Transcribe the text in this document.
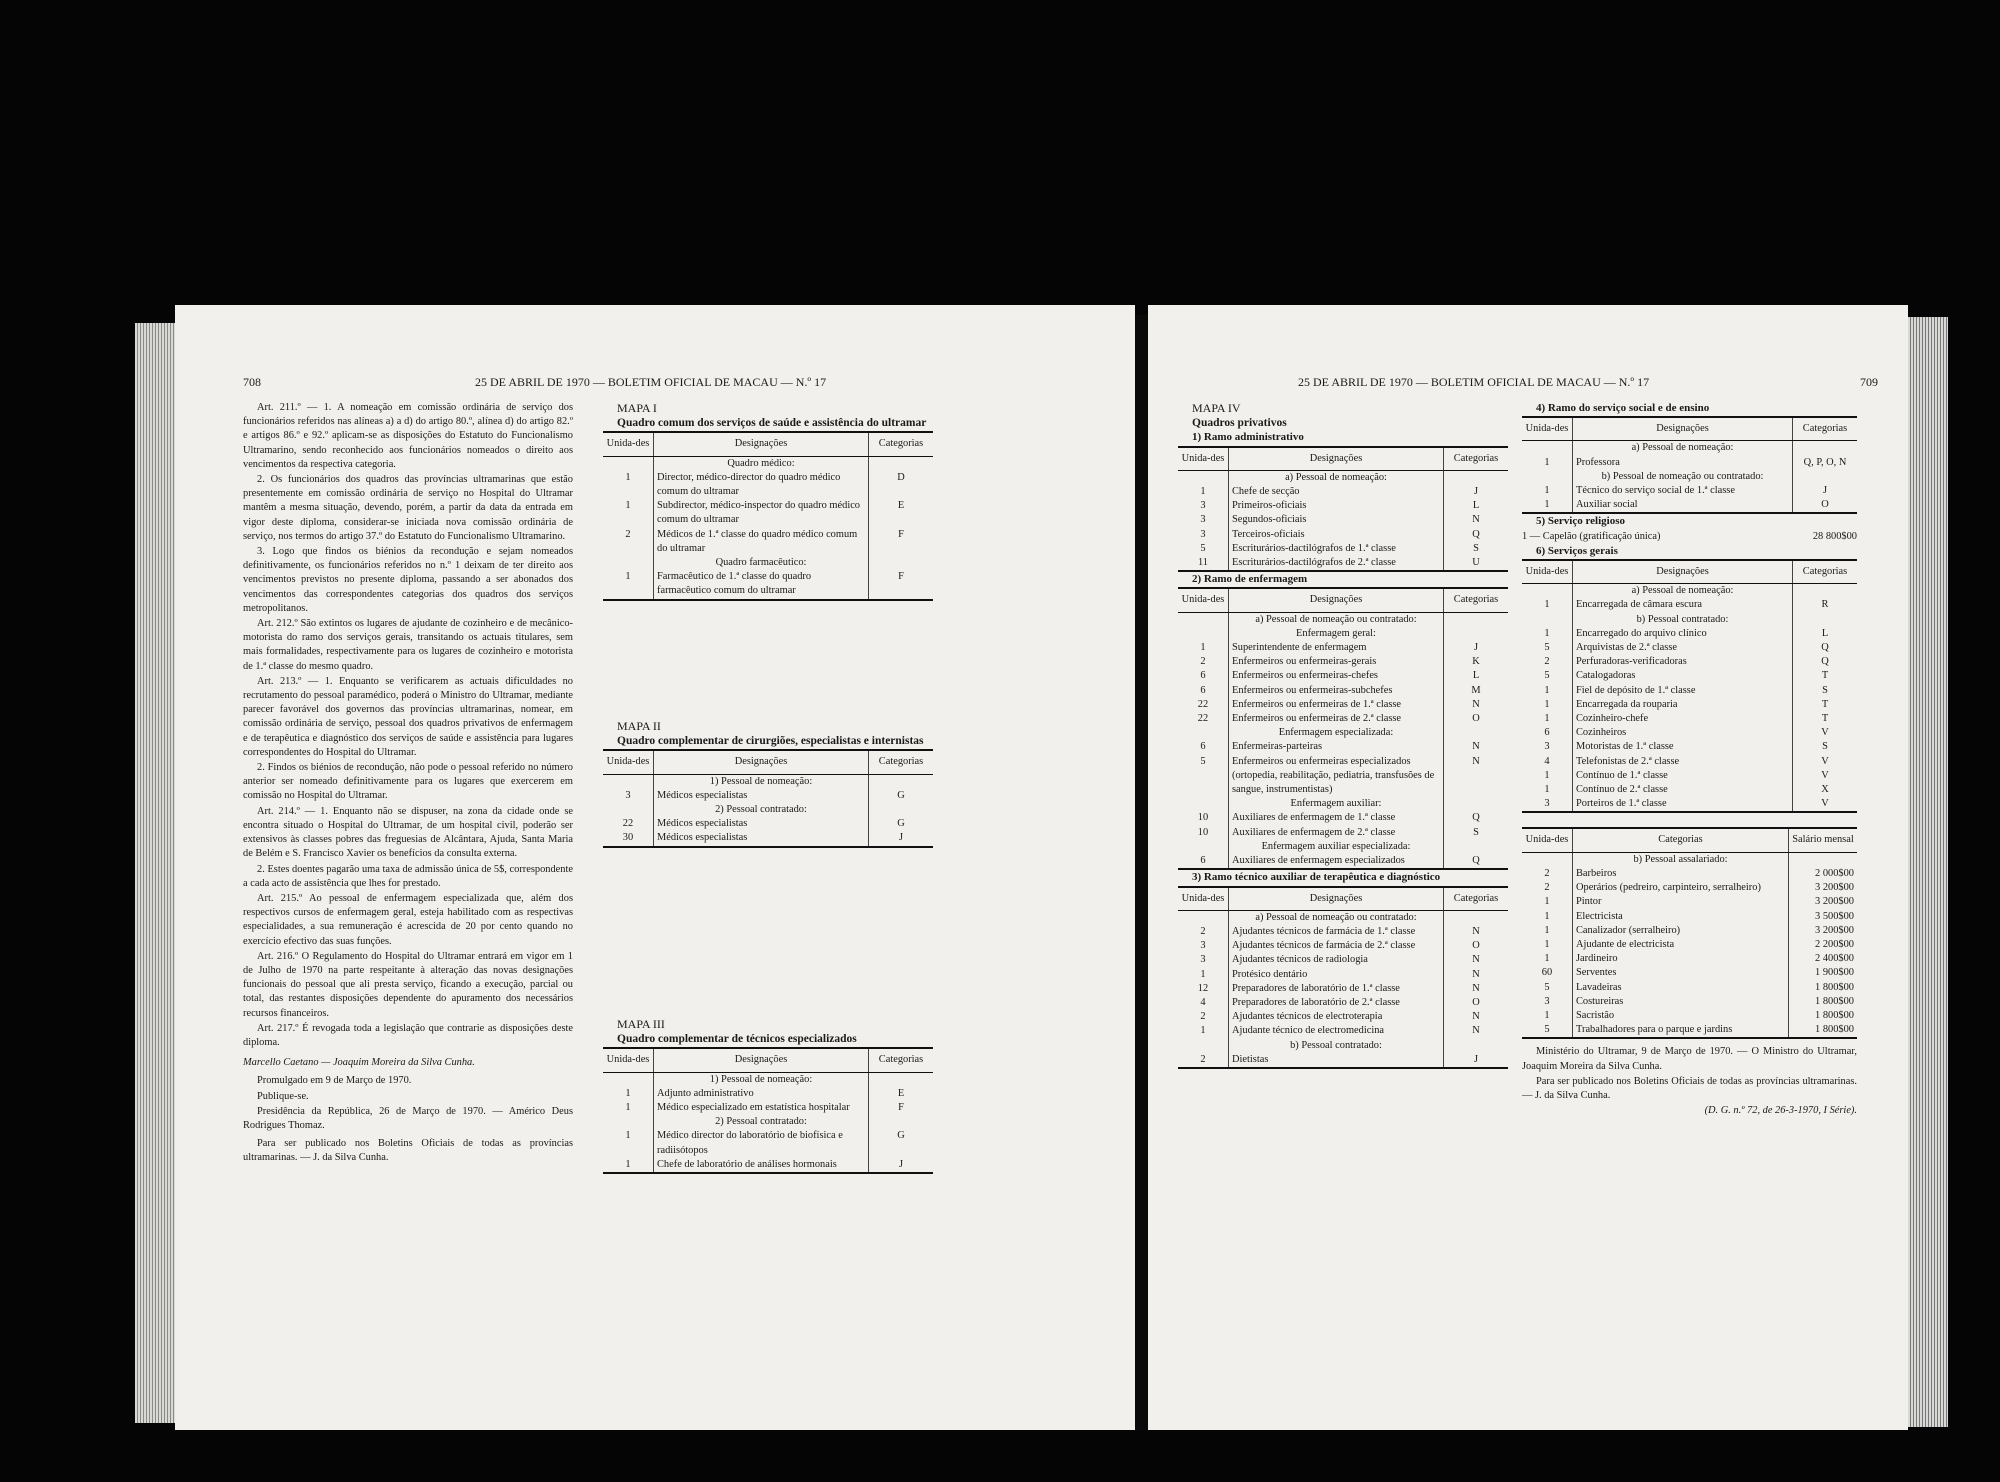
708	25 DE ABRIL DE 1970 — BOLETIM OFICIAL DE MACAU — N.º 17

Art. 211.º — 1. A nomeação em comissão ordinária de serviço dos funcionários referidos nas alíneas a) a d) do artigo 80.º, alínea d) do artigo 82.º e artigos 86.º e 92.º aplicam-se as disposições do Estatuto do Funcionalismo Ultramarino, sendo reconhecido aos funcionários nomeados o direito aos vencimentos da respectiva categoria.

2. Os funcionários dos quadros das províncias ultramarinas que estão presentemente em comissão ordinária de serviço no Hospital do Ultramar mantêm a mesma situação, devendo, porém, a partir da data da entrada em vigor deste diploma, considerar-se iniciada nova comissão ordinária de serviço, nos termos do artigo 37.º do Estatuto do Funcionalismo Ultramarino.

3. Logo que findos os biénios da recondução e sejam nomeados definitivamente, os funcionários referidos no n.º 1 deixam de ter direito aos vencimentos previstos no presente diploma, passando a ser abonados dos vencimentos das correspondentes categorias dos quadros dos serviços metropolitanos.

Art. 212.º São extintos os lugares de ajudante de cozinheiro e de mecânico-motorista do ramo dos serviços gerais, transitando os actuais titulares, sem mais formalidades, respectivamente para os lugares de cozinheiro e motorista de 1.ª classe do mesmo quadro.

Art. 213.º — 1. Enquanto se verificarem as actuais dificuldades no recrutamento do pessoal paramédico, poderá o Ministro do Ultramar, mediante parecer favorável dos governos das províncias ultramarinas, nomear, em comissão ordinária de serviço, pessoal dos quadros privativos de enfermagem e de terapêutica e diagnóstico dos serviços de saúde e assistência para lugares correspondentes do Hospital do Ultramar.

2. Findos os biénios de recondução, não pode o pessoal referido no número anterior ser nomeado definitivamente para os lugares que exercerem em comissão no Hospital do Ultramar.

Art. 214.º — 1. Enquanto não se dispuser, na zona da cidade onde se encontra situado o Hospital do Ultramar, de um hospital civil, poderão ser extensivos às classes pobres das freguesias de Alcântara, Ajuda, Santa Maria de Belém e S. Francisco Xavier os benefícios da consulta externa.

2. Estes doentes pagarão uma taxa de admissão única de 5$, correspondente a cada acto de assistência que lhes for prestado.

Art. 215.º Ao pessoal de enfermagem especializada que, além dos respectivos cursos de enfermagem geral, esteja habilitado com as respectivas especialidades, a sua remuneração é acrescida de 20 por cento quando no exercício efectivo das suas funções.

Art. 216.º O Regulamento do Hospital do Ultramar entrará em vigor em 1 de Julho de 1970 na parte respeitante à alteração das novas designações funcionais do pessoal que ali presta serviço, ficando a execução, parcial ou total, das restantes disposições dependente do apuramento dos necessários recursos financeiros.

Art. 217.º É revogada toda a legislação que contrarie as disposições deste diploma.

Marcello Caetano — Joaquim Moreira da Silva Cunha.

Promulgado em 9 de Março de 1970.

Publique-se.

Presidência da República, 26 de Março de 1970. — Américo Deus Rodrigues Thomaz.

Para ser publicado nos Boletins Oficiais de todas as províncias ultramarinas. — J. da Silva Cunha.

MAPA I

Quadro comum dos serviços de saúde e assistência do ultramar

Unida-des	Designações	Categorias
	Quadro médico:	
1	Director, médico-director do quadro médico comum do ultramar	D
1	Subdirector, médico-inspector do quadro médico comum do ultramar	E
2	Médicos de 1.ª classe do quadro médico comum do ultramar	F
	Quadro farmacêutico:	
1	Farmacêutico de 1.ª classe do quadro farmacêutico comum do ultramar	F

MAPA II

Quadro complementar de cirurgiões, especialistas e internistas

Unida-des	Designações	Categorias
	1) Pessoal de nomeação:	
3	Médicos especialistas	G
	2) Pessoal contratado:	
22	Médicos especialistas	G
30	Médicos especialistas	J

MAPA III

Quadro complementar de técnicos especializados

Unida-des	Designações	Categorias
	1) Pessoal de nomeação:	
1	Adjunto administrativo	E
1	Médico especializado em estatística hospitalar	F
	2) Pessoal contratado:	
1	Médico director do laboratório de biofísica e radiisótopos	G
1	Chefe de laboratório de análises hormonais	J
25 DE ABRIL DE 1970 — BOLETIM OFICIAL DE MACAU — N.º 17	709

MAPA IV

Quadros privativos

1) Ramo administrativo

Unida-des	Designações	Categorias
	a) Pessoal de nomeação:	
1	Chefe de secção	J
3	Primeiros-oficiais	L
3	Segundos-oficiais	N
3	Terceiros-oficiais	Q
5	Escriturários-dactilógrafos de 1.ª classe	S
11	Escriturários-dactilógrafos de 2.ª classe	U

2) Ramo de enfermagem

Unida-des	Designações	Categorias
	a) Pessoal de nomeação ou contratado:	
	Enfermagem geral:	
1	Superintendente de enfermagem	J
2	Enfermeiros ou enfermeiras-gerais	K
6	Enfermeiros ou enfermeiras-chefes	L
6	Enfermeiros ou enfermeiras-subchefes	M
22	Enfermeiros ou enfermeiras de 1.ª classe	N
22	Enfermeiros ou enfermeiras de 2.ª classe	O
	Enfermagem especializada:	
6	Enfermeiras-parteiras	N
5	Enfermeiros ou enfermeiras especializados (ortopedia, reabilitação, pediatria, transfusões de sangue, instrumentistas)	N
	Enfermagem auxiliar:	
10	Auxiliares de enfermagem de 1.ª classe	Q
10	Auxiliares de enfermagem de 2.ª classe	S
	Enfermagem auxiliar especializada:	
6	Auxiliares de enfermagem especializados	Q

3) Ramo técnico auxiliar de terapêutica e diagnóstico

Unida-des	Designações	Categorias
	a) Pessoal de nomeação ou contratado:	
2	Ajudantes técnicos de farmácia de 1.ª classe	N
3	Ajudantes técnicos de farmácia de 2.ª classe	O
3	Ajudantes técnicos de radiologia	N
1	Protésico dentário	N
12	Preparadores de laboratório de 1.ª classe	N
4	Preparadores de laboratório de 2.ª classe	O
2	Ajudantes técnicos de electroterapia	N
1	Ajudante técnico de electromedicina	N
	b) Pessoal contratado:	
2	Dietistas	J

4) Ramo do serviço social e de ensino

Unida-des	Designações	Categorias
	a) Pessoal de nomeação:	
1	Professora	Q, P, O, N
	b) Pessoal de nomeação ou contratado:	
1	Técnico do serviço social de 1.ª classe	J
1	Auxiliar social	O

5) Serviço religioso

1 — Capelão (gratificação única)	28 800$00

6) Serviços gerais

Unida-des	Designações	Categorias
	a) Pessoal de nomeação:	
1	Encarregada de câmara escura	R
	b) Pessoal contratado:	
1	Encarregado do arquivo clínico	L
5	Arquivistas de 2.ª classe	Q
2	Perfuradoras-verificadoras	Q
5	Catalogadoras	T
1	Fiel de depósito de 1.ª classe	S
1	Encarregada da rouparia	T
1	Cozinheiro-chefe	T
6	Cozinheiros	V
3	Motoristas de 1.ª classe	S
4	Telefonistas de 2.ª classe	V
1	Contínuo de 1.ª classe	V
1	Contínuo de 2.ª classe	X
3	Porteiros de 1.ª classe	V
Unida-des	Categorias	Salário mensal
	b) Pessoal assalariado:	
2	Barbeiros	2 000$00
2	Operários (pedreiro, carpinteiro, serralheiro)	3 200$00
1	Pintor	3 200$00
1	Electricista	3 500$00
1	Canalizador (serralheiro)	3 200$00
1	Ajudante de electricista	2 200$00
1	Jardineiro	2 400$00
60	Serventes	1 900$00
5	Lavadeiras	1 800$00
3	Costureiras	1 800$00
1	Sacristão	1 800$00
5	Trabalhadores para o parque e jardins	1 800$00

Ministério do Ultramar, 9 de Março de 1970. — O Ministro do Ultramar, Joaquim Moreira da Silva Cunha.

Para ser publicado nos Boletins Oficiais de todas as províncias ultramarinas. — J. da Silva Cunha.

(D. G. n.º 72, de 26-3-1970, I Série).
